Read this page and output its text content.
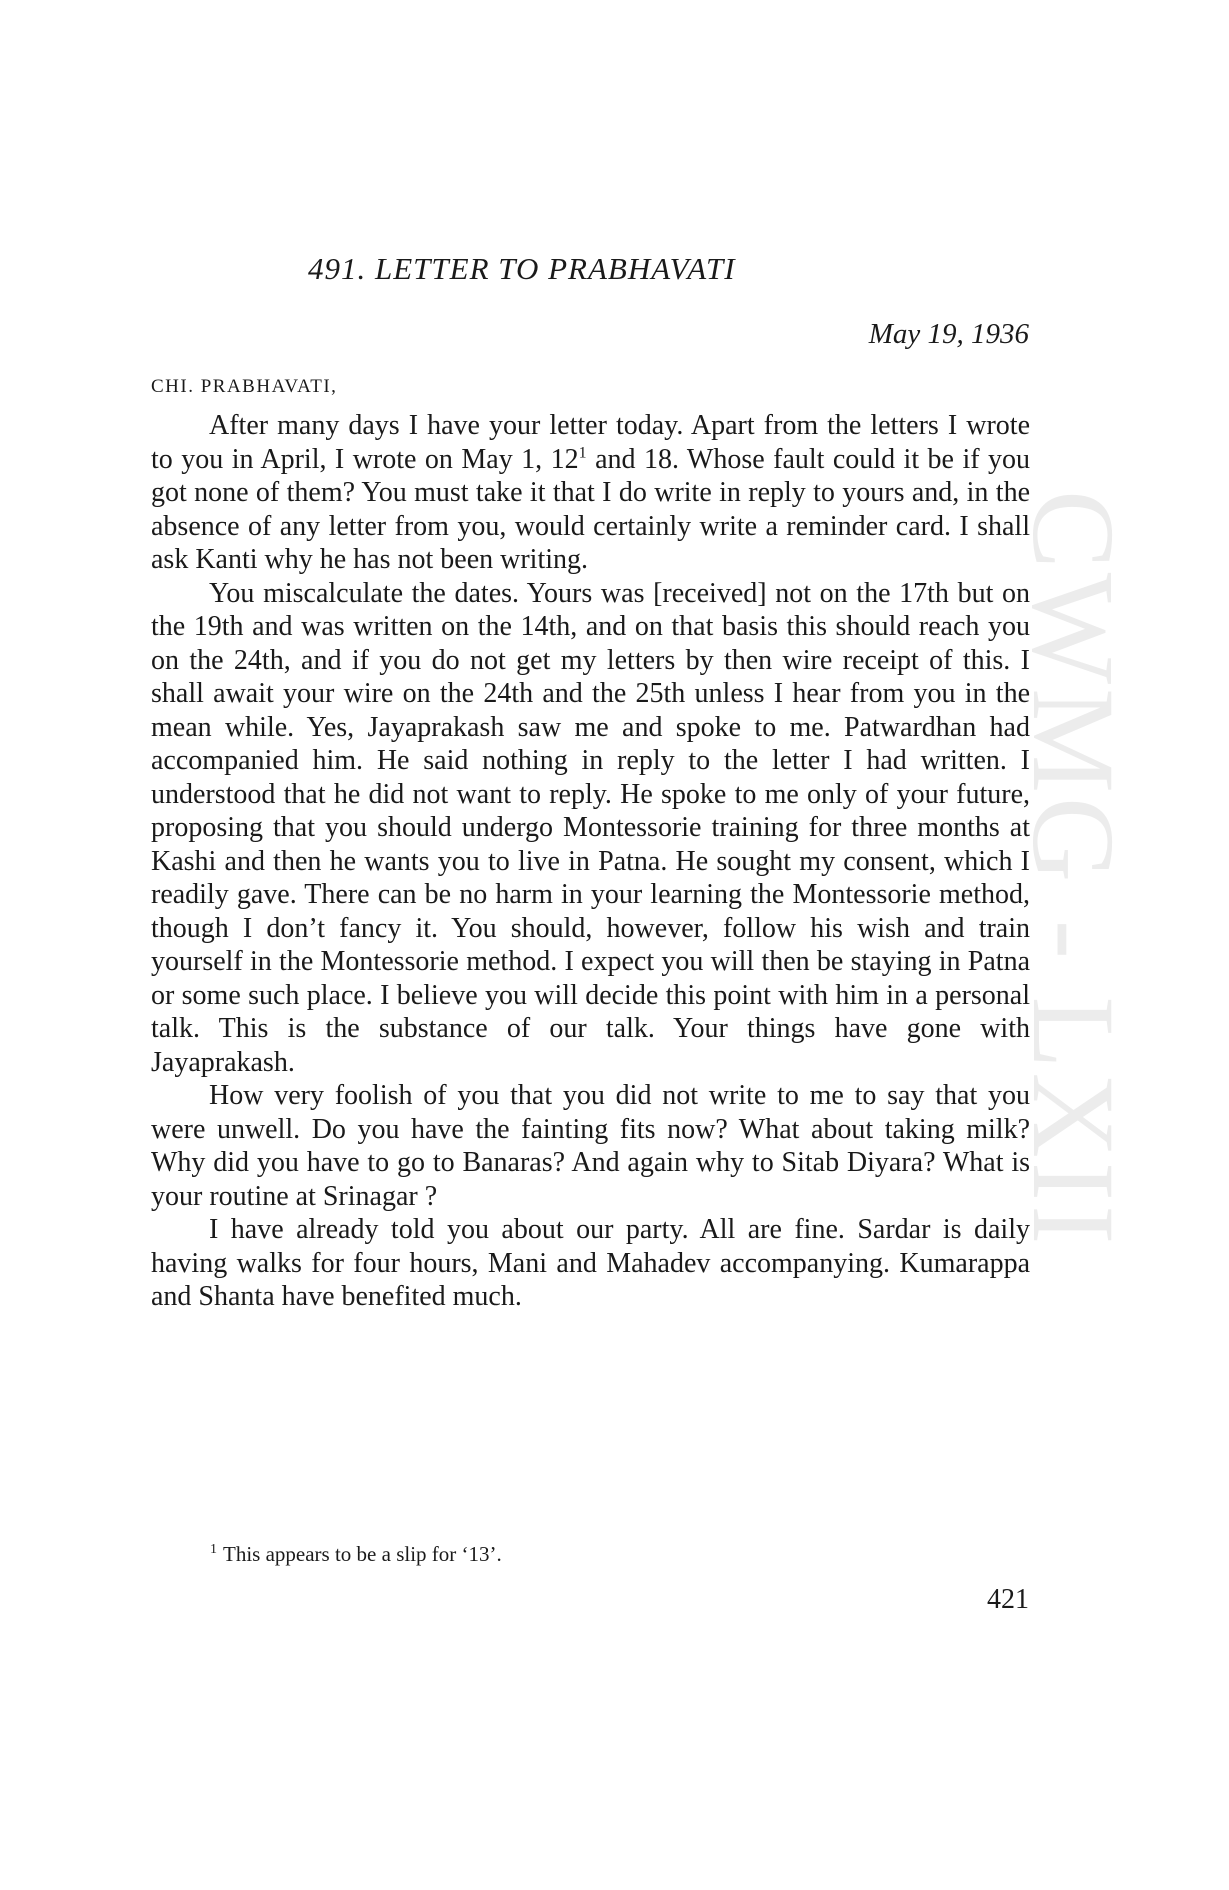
CWMG - LXII
491. LETTER TO PRABHAVATI
May 19, 1936
CHI. PRABHAVATI,

After many days I have your letter today. Apart from the letters I wrote to you in April, I wrote on May 1, 12$^1$ and 18. Whose fault could it be if you got none of them? You must take it that I do write in reply to yours and, in the absence of any letter from you, would certainly write a reminder card. I shall ask Kanti why he has not been writing.

You miscalculate the dates. Yours was [received] not on the 17th but on the 19th and was written on the 14th, and on that basis this should reach you on the 24th, and if you do not get my letters by then wire receipt of this. I shall await your wire on the 24th and the 25th unless I hear from you in the mean while. Yes, Jayaprakash saw me and spoke to me. Patwardhan had accompanied him. He said nothing in reply to the letter I had written. I understood that he did not want to reply. He spoke to me only of your future, proposing that you should undergo Montessorie training for three months at Kashi and then he wants you to live in Patna. He sought my consent, which I readily gave. There can be no harm in your learning the Montessorie method, though I don’t fancy it. You should, however, follow his wish and train yourself in the Montessorie method. I expect you will then be staying in Patna or some such place. I believe you will decide this point with him in a personal talk. This is the substance of our talk. Your things have gone with Jayaprakash.

How very foolish of you that you did not write to me to say that you were unwell. Do you have the fainting fits now? What about taking milk? Why did you have to go to Banaras? And again why to Sitab Diyara? What is your routine at Srinagar ?

I have already told you about our party. All are fine. Sardar is daily having walks for four hours, Mani and Mahadev accompanying. Kumarappa and Shanta have benefited much.

$^1$ This appears to be a slip for ‘13’.
421
